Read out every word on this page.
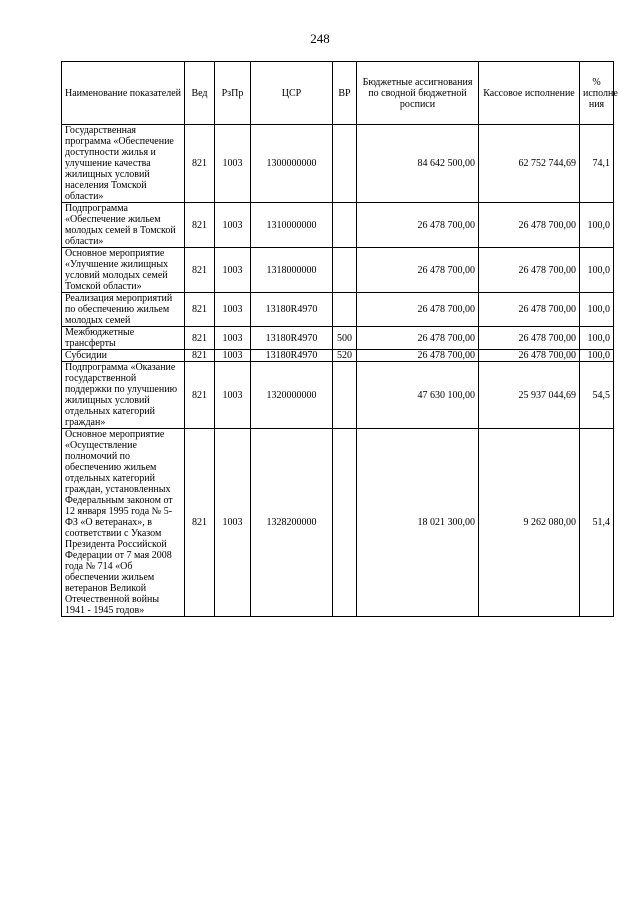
248
Наименование показателей	Вед	РзПр	ЦСР	ВР	Бюджетные ассигнования по сводной бюджетной росписи	Кассовое исполнение	% исполне ния
Государственная программа «Обеспечение доступности жилья и улучшение качества жилищных условий населения Томской области»	821	1003	1300000000		84 642 500,00	62 752 744,69	74,1
Подпрограмма «Обеспечение жильем молодых семей в Томской области»	821	1003	1310000000		26 478 700,00	26 478 700,00	100,0
Основное мероприятие «Улучшение жилищных условий молодых семей Томской области»	821	1003	1318000000		26 478 700,00	26 478 700,00	100,0
Реализация мероприятий по обеспечению жильем молодых семей	821	1003	13180R4970		26 478 700,00	26 478 700,00	100,0
Межбюджетные трансферты	821	1003	13180R4970	500	26 478 700,00	26 478 700,00	100,0
Субсидии	821	1003	13180R4970	520	26 478 700,00	26 478 700,00	100,0
Подпрограмма «Оказание государственной поддержки по улучшению жилищных условий отдельных категорий граждан»	821	1003	1320000000		47 630 100,00	25 937 044,69	54,5
Основное мероприятие «Осуществление полномочий по обеспечению жильем отдельных категорий граждан, установленных Федеральным законом от 12 января 1995 года № 5-ФЗ «О ветеранах», в соответствии с Указом Президента Российской Федерации от 7 мая 2008 года № 714 «Об обеспечении жильем ветеранов Великой Отечественной войны 1941 - 1945 годов»	821	1003	1328200000		18 021 300,00	9 262 080,00	51,4
